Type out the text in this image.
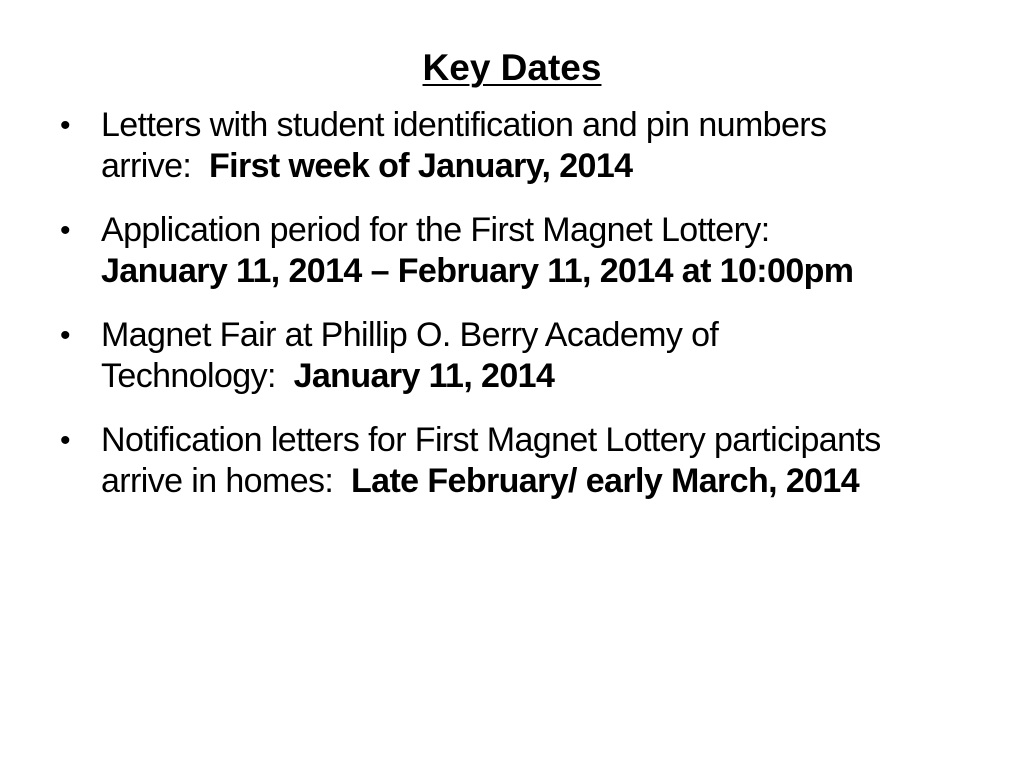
Key Dates
• Letters with student identification and pin numbers arrive: First week of January, 2014
• Application period for the First Magnet Lottery:
January 11, 2014 – February 11, 2014 at 10:00pm
• Magnet Fair at Phillip O. Berry Academy of Technology: January 11, 2014
• Notification letters for First Magnet Lottery participants arrive in homes: Late February/ early March, 2014
